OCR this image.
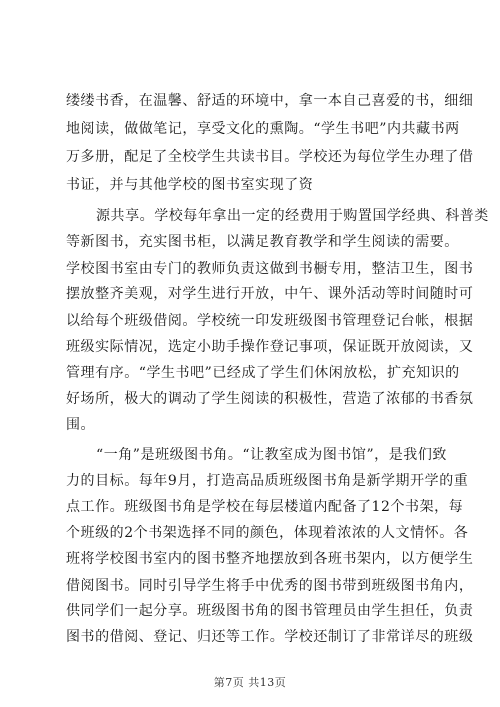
缕缕书香，在温馨、舒适的环境中，拿一本自己喜爱的书，细细
地阅读，做做笔记，享受文化的熏陶。“学生书吧”内共藏书两
万多册，配足了全校学生共读书目。学校还为每位学生办理了借
书证，并与其他学校的图书室实现了资
源共享。学校每年拿出一定的经费用于购置国学经典、科普类
等新图书，充实图书柜，以满足教育教学和学生阅读的需要。
学校图书室由专门的教师负责这做到书橱专用，整洁卫生，图书
摆放整齐美观，对学生进行开放，中午、课外活动等时间随时可
以给每个班级借阅。学校统一印发班级图书管理登记台帐，根据
班级实际情况，选定小助手操作登记事项，保证既开放阅读，又
管理有序。“学生书吧”已经成了学生们休闲放松，扩充知识的
好场所，极大的调动了学生阅读的积极性，营造了浓郁的书香氛
围。
“一角”是班级图书角。“让教室成为图书馆”，是我们致
力的目标。每年9月，打造高品质班级图书角是新学期开学的重
点工作。班级图书角是学校在每层楼道内配备了12个书架，每
个班级的2个书架选择不同的颜色，体现着浓浓的人文情怀。各
班将学校图书室内的图书整齐地摆放到各班书架内，以方便学生
借阅图书。同时引导学生将手中优秀的图书带到班级图书角内，
供同学们一起分享。班级图书角的图书管理员由学生担任，负责
图书的借阅、登记、归还等工作。学校还制订了非常详尽的班级
第7页 共13页
